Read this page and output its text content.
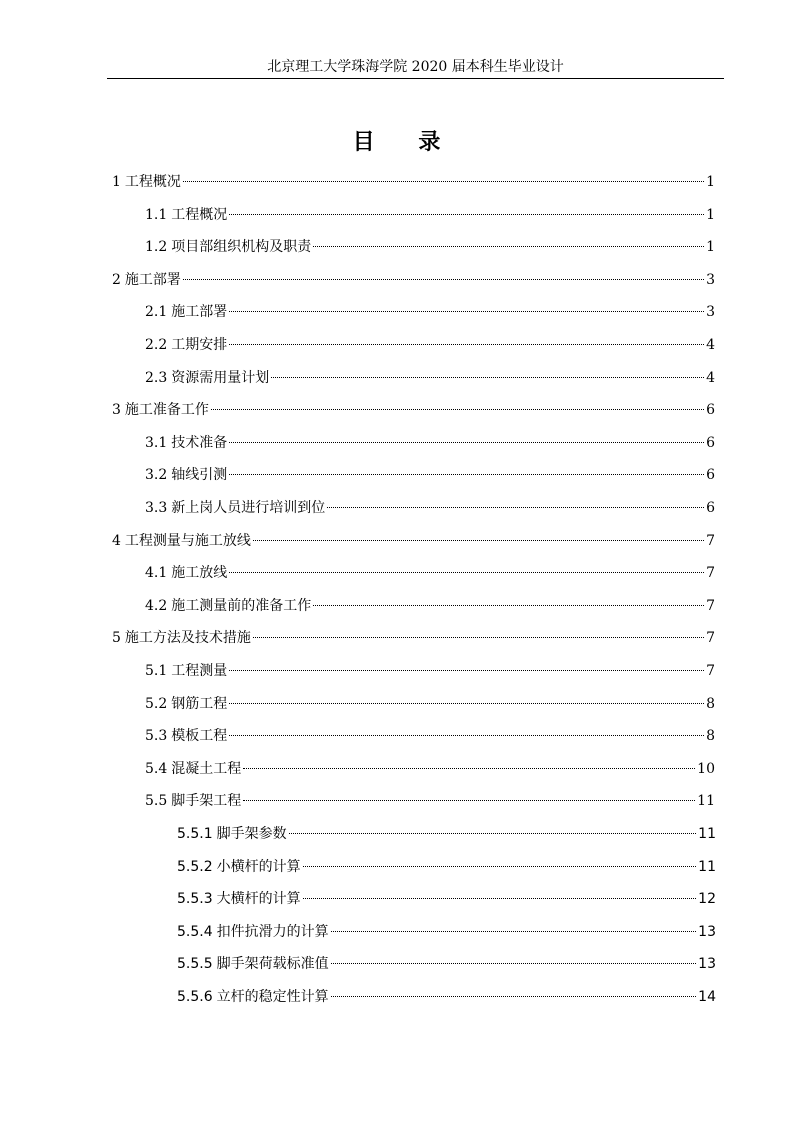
北京理工大学珠海学院 2020 届本科生毕业设计
目 录
1 工程概况	1
1.1 工程概况	1
1.2 项目部组织机构及职责	1
2 施工部署	3
2.1 施工部署	3
2.2 工期安排	4
2.3 资源需用量计划	4
3 施工准备工作	6
3.1 技术准备	6
3.2 轴线引测	6
3.3 新上岗人员进行培训到位	6
4 工程测量与施工放线	7
4.1 施工放线	7
4.2 施工测量前的准备工作	7
5 施工方法及技术措施	7
5.1 工程测量	7
5.2 钢筋工程	8
5.3 模板工程	8
5.4 混凝土工程	10
5.5 脚手架工程	11
5.5.1 脚手架参数	11
5.5.2 小横杆的计算	11
5.5.3 大横杆的计算	12
5.5.4 扣件抗滑力的计算	13
5.5.5 脚手架荷载标准值	13
5.5.6 立杆的稳定性计算	14
